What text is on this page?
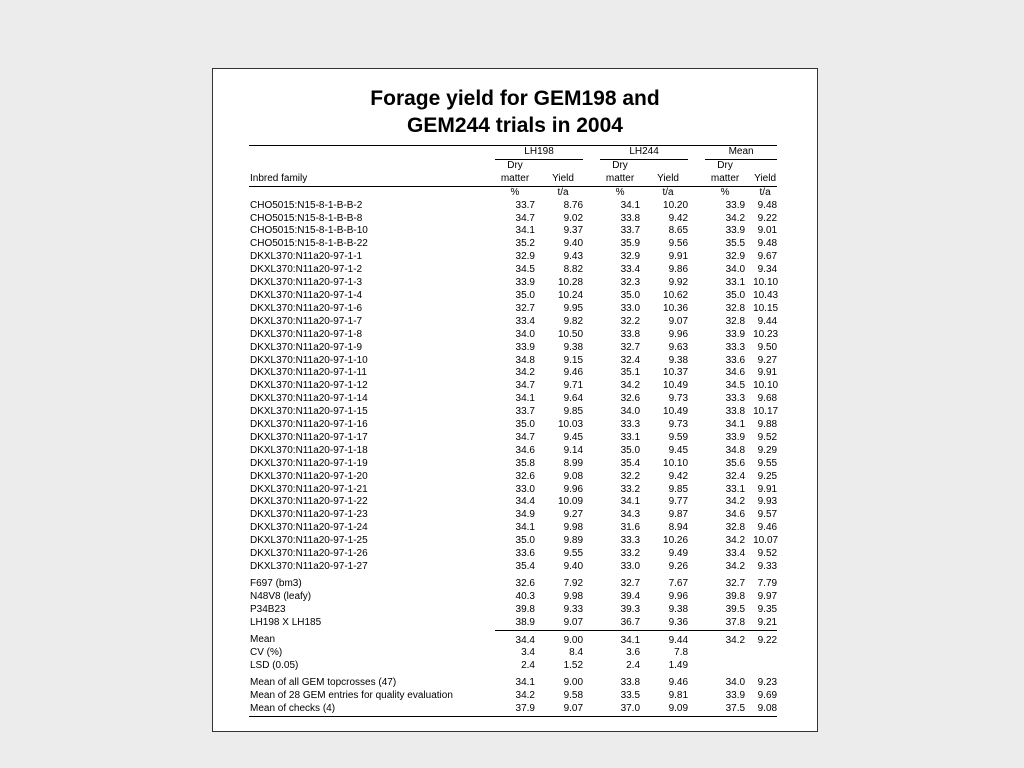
Forage yield for GEM198 and
GEM244 trials in 2004
	LH198				LH244				Mean		
	Dry				Dry				Dry		
Inbred family	matter		Yield		matter		Yield		matter		Yield
	%		t/a		%		t/a		%		t/a
CHO5015:N15-8-1-B-B-2	33.7		8.76		34.1		10.20		33.9		9.48
CHO5015:N15-8-1-B-B-8	34.7		9.02		33.8		9.42		34.2		9.22
CHO5015:N15-8-1-B-B-10	34.1		9.37		33.7		8.65		33.9		9.01
CHO5015:N15-8-1-B-B-22	35.2		9.40		35.9		9.56		35.5		9.48
DKXL370:N11a20-97-1-1	32.9		9.43		32.9		9.91		32.9		9.67
DKXL370:N11a20-97-1-2	34.5		8.82		33.4		9.86		34.0		9.34
DKXL370:N11a20-97-1-3	33.9		10.28		32.3		9.92		33.1		10.10
DKXL370:N11a20-97-1-4	35.0		10.24		35.0		10.62		35.0		10.43
DKXL370:N11a20-97-1-6	32.7		9.95		33.0		10.36		32.8		10.15
DKXL370:N11a20-97-1-7	33.4		9.82		32.2		9.07		32.8		9.44
DKXL370:N11a20-97-1-8	34.0		10.50		33.8		9.96		33.9		10.23
DKXL370:N11a20-97-1-9	33.9		9.38		32.7		9.63		33.3		9.50
DKXL370:N11a20-97-1-10	34.8		9.15		32.4		9.38		33.6		9.27
DKXL370:N11a20-97-1-11	34.2		9.46		35.1		10.37		34.6		9.91
DKXL370:N11a20-97-1-12	34.7		9.71		34.2		10.49		34.5		10.10
DKXL370:N11a20-97-1-14	34.1		9.64		32.6		9.73		33.3		9.68
DKXL370:N11a20-97-1-15	33.7		9.85		34.0		10.49		33.8		10.17
DKXL370:N11a20-97-1-16	35.0		10.03		33.3		9.73		34.1		9.88
DKXL370:N11a20-97-1-17	34.7		9.45		33.1		9.59		33.9		9.52
DKXL370:N11a20-97-1-18	34.6		9.14		35.0		9.45		34.8		9.29
DKXL370:N11a20-97-1-19	35.8		8.99		35.4		10.10		35.6		9.55
DKXL370:N11a20-97-1-20	32.6		9.08		32.2		9.42		32.4		9.25
DKXL370:N11a20-97-1-21	33.0		9.96		33.2		9.85		33.1		9.91
DKXL370:N11a20-97-1-22	34.4		10.09		34.1		9.77		34.2		9.93
DKXL370:N11a20-97-1-23	34.9		9.27		34.3		9.87		34.6		9.57
DKXL370:N11a20-97-1-24	34.1		9.98		31.6		8.94		32.8		9.46
DKXL370:N11a20-97-1-25	35.0		9.89		33.3		10.26		34.2		10.07
DKXL370:N11a20-97-1-26	33.6		9.55		33.2		9.49		33.4		9.52
DKXL370:N11a20-97-1-27	35.4		9.40		33.0		9.26		34.2		9.33
F697 (bm3)	32.6		7.92		32.7		7.67		32.7		7.79
N48V8 (leafy)	40.3		9.98		39.4		9.96		39.8		9.97
P34B23	39.8		9.33		39.3		9.38		39.5		9.35
LH198 X LH185	38.9		9.07		36.7		9.36		37.8		9.21
Mean	34.4		9.00		34.1		9.44		34.2		9.22
CV (%)	3.4		8.4		3.6		7.8				
LSD (0.05)	2.4		1.52		2.4		1.49				
Mean of all GEM topcrosses (47)	34.1		9.00		33.8		9.46		34.0		9.23
Mean of 28 GEM entries for quality evaluation	34.2		9.58		33.5		9.81		33.9		9.69
Mean of checks (4)	37.9		9.07		37.0		9.09		37.5		9.08
